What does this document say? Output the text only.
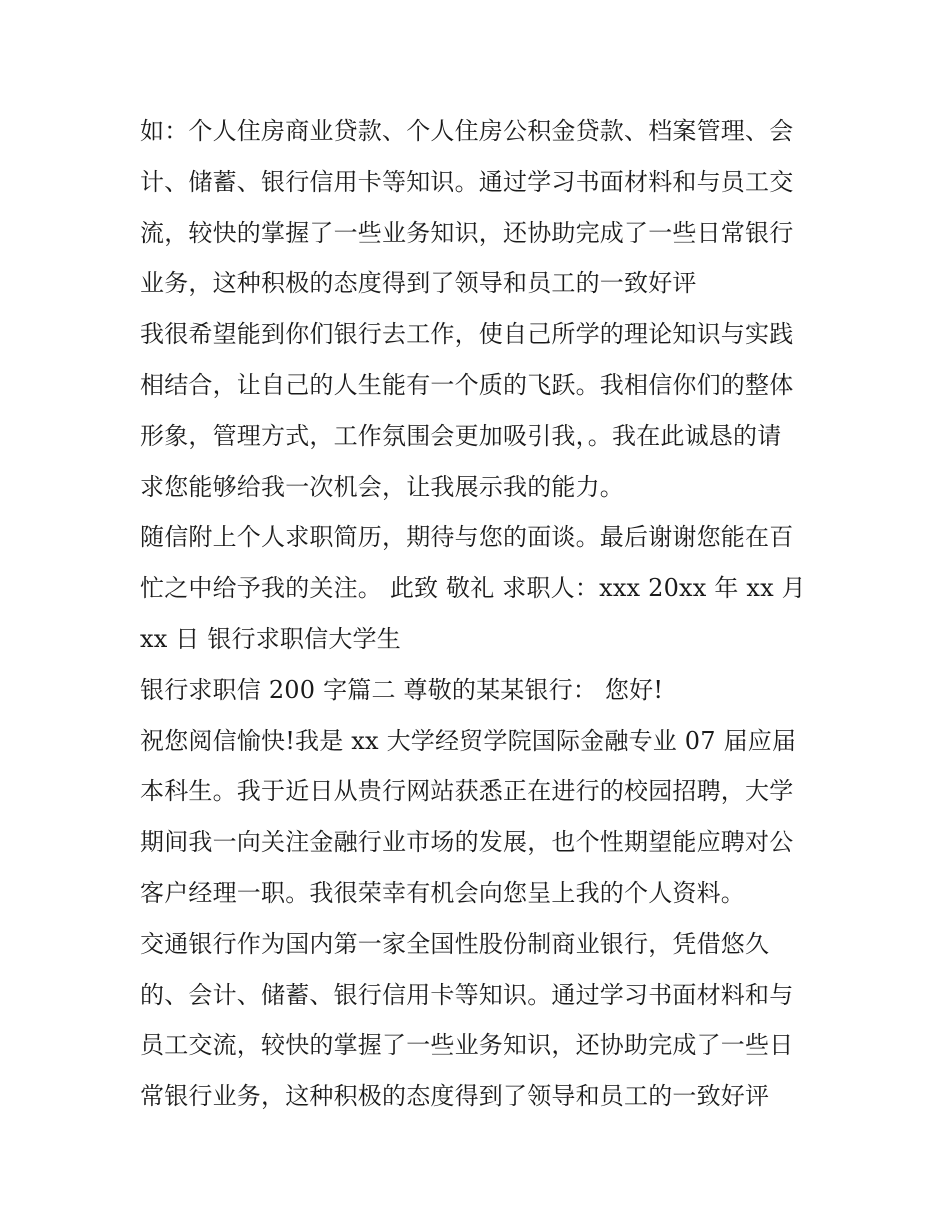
如：个人住房商业贷款、个人住房公积金贷款、档案管理、会
计、储蓄、银行信用卡等知识。通过学习书面材料和与员工交
流，较快的掌握了一些业务知识，还协助完成了一些日常银行
业务，这种积极的态度得到了领导和员工的一致好评
我很希望能到你们银行去工作，使自己所学的理论知识与实践
相结合，让自己的人生能有一个质的飞跃。我相信你们的整体
形象，管理方式，工作氛围会更加吸引我，。我在此诚恳的请
求您能够给我一次机会，让我展示我的能力。
随信附上个人求职简历，期待与您的面谈。最后谢谢您能在百
忙之中给予我的关注。 此致 敬礼 求职人：xxx 20xx 年 xx 月
xx 日 银行求职信大学生
银行求职信 200 字篇二 尊敬的某某银行： 您好!
祝您阅信愉快!我是 xx 大学经贸学院国际金融专业 07 届应届
本科生。我于近日从贵行网站获悉正在进行的校园招聘，大学
期间我一向关注金融行业市场的发展，也个性期望能应聘对公
客户经理一职。我很荣幸有机会向您呈上我的个人资料。
交通银行作为国内第一家全国性股份制商业银行，凭借悠久
的、会计、储蓄、银行信用卡等知识。通过学习书面材料和与
员工交流，较快的掌握了一些业务知识，还协助完成了一些日
常银行业务，这种积极的态度得到了领导和员工的一致好评
